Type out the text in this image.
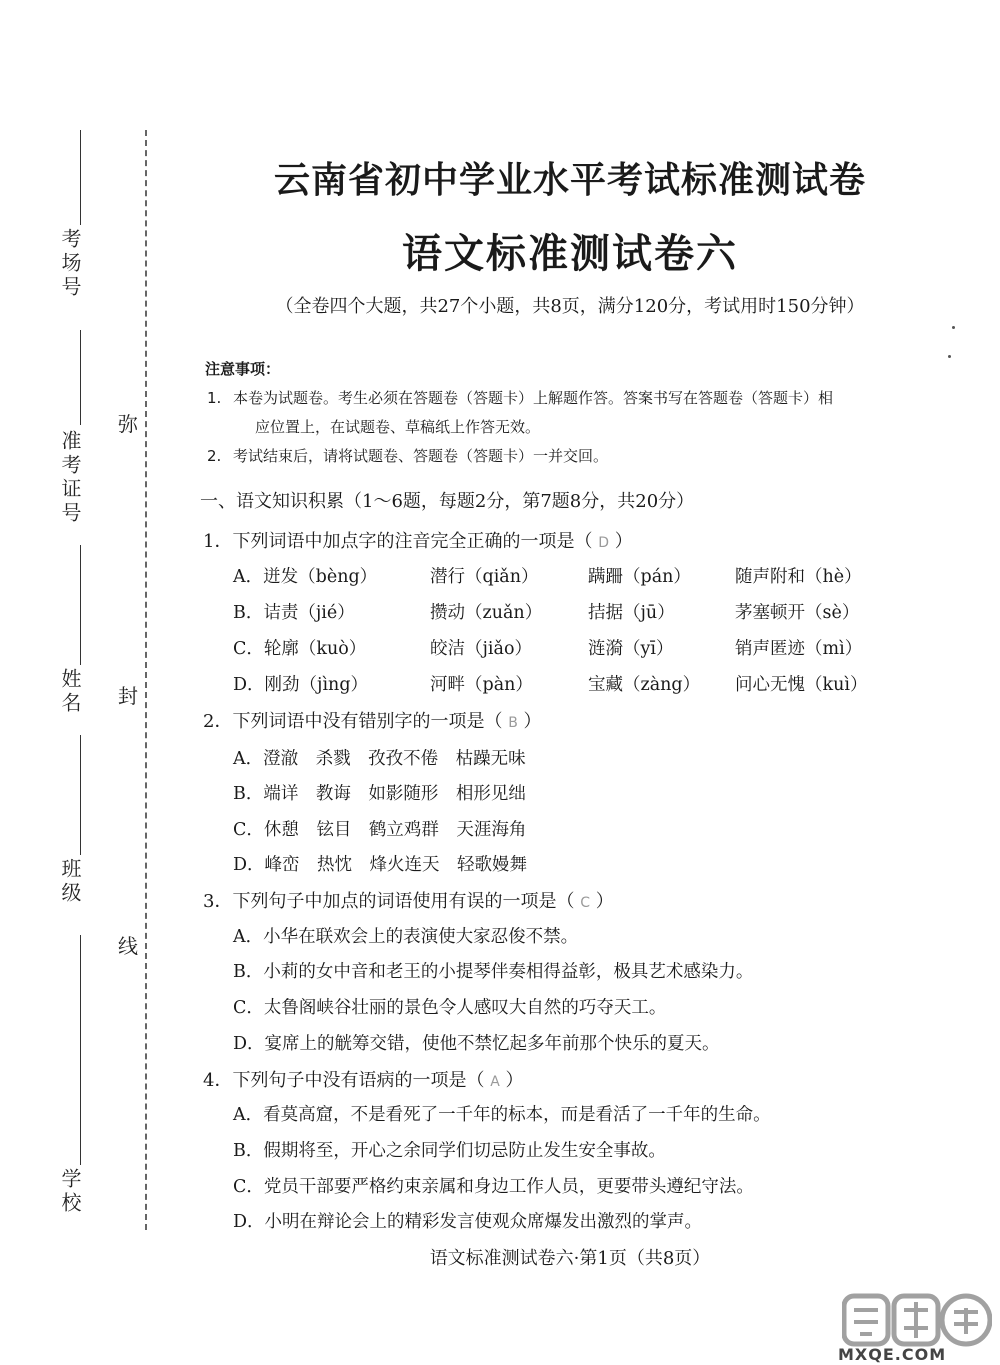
考场号
准考证号
姓名
班级
学校
弥
封
线
云南省初中学业水平考试标准测试卷
语文标准测试卷六
（全卷四个大题，共27个小题，共8页，满分120分，考试用时150分钟）
注意事项：
1. 本卷为试题卷。考生必须在答题卷（答题卡）上解题作答。答案书写在答题卷（答题卡）相
应位置上，在试题卷、草稿纸上作答无效。
2. 考试结束后，请将试题卷、答题卷（答题卡）一并交回。
一、语文知识积累（1～6题，每题2分，第7题8分，共20分）
1．下列词语中加点字的注音完全正确的一项是（ D ）
A．迸发（bèng）	潜行（qiǎn）	蹒跚（pán）	随声附和（hè）
B．诘责（jié）	攒动（zuǎn）	拮据（jū）	茅塞顿开（sè）
C．轮廓（kuò）	皎洁（jiǎo）	涟漪（yī）	销声匿迹（mì）
D．刚劲（jìng）	河畔（pàn）	宝藏（zàng） 问心无愧（kuì）
2．下列词语中没有错别字的一项是（ B ）
A．澄澈　杀戮　孜孜不倦　枯躁无味
B．端详　教诲　如影随形　相形见绌
C．休憩　铉目　鹤立鸡群　天涯海角
D．峰峦　热忱　烽火连天　轻歌嫚舞
3．下列句子中加点的词语使用有误的一项是（ C ）
A．小华在联欢会上的表演使大家忍俊不禁。
B．小莉的女中音和老王的小提琴伴奏相得益彰，极具艺术感染力。
C．太鲁阁峡谷壮丽的景色令人感叹大自然的巧夺天工。
D．宴席上的觥筹交错，使他不禁忆起多年前那个快乐的夏天。
4．下列句子中没有语病的一项是（ A ）
A．看莫高窟，不是看死了一千年的标本，而是看活了一千年的生命。
B．假期将至，开心之余同学们切忌防止发生安全事故。
C．党员干部要严格约束亲属和身边工作人员，更要带头遵纪守法。
D．小明在辩论会上的精彩发言使观众席爆发出激烈的掌声。
语文标准测试卷六·第1页（共8页）
MXQE.COM
